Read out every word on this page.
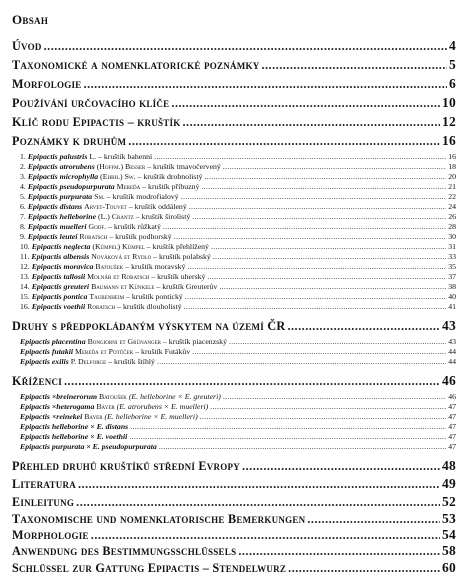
Obsah
Úvod .....	4
Taxonomické a nomenklatorické poznámky .....	5
Morfologie .....	6
Používání určovacího klíče .....	10
Klíč rodu Epipactis – kruštík .....	12
Poznámky k druhům .....	16
1. Epipactis palustris L. – kruštík bahenní .....	16
2. Epipactis atrorubens (Hoffm.) Besser – kruštík tmavočervený .....	18
3. Epipactis microphylla (Ehrh.) Sw. – kruštík drobnolistý .....	20
4. Epipactis pseudopurpurata Mereďa – kruštík příbuzný .....	21
5. Epipactis purpurata Sm. – kruštík modrofialový .....	22
6. Epipactis distans Arvet-Touvet – kruštík oddálený .....	24
7. Epipactis helleborine (L.) Crantz – kruštík širolistý .....	26
8. Epipactis muelleri Godf. – kruštík růžkatý .....	28
9. Epipactis leutei Robatsch – kruštík podhorský .....	30
10. Epipactis neglecta (Kümpel) Kümpel – kruštík přehlížený .....	31
11. Epipactis albensis Nováková et Rydlo – kruštík polabský .....	33
12. Epipactis moravica Batoušek – kruštík moravský .....	35
13. Epipactis tallosii Molnár et Robatsch – kruštík uherský .....	37
14. Epipactis greuteri Baumann et Künkele – kruštík Greuterův .....	38
15. Epipactis pontica Taubenheim – kruštík pontický .....	40
16. Epipactis voethii Robatsch – kruštík dlouholistý .....	41
Druhy s předpokládaným výskytem na území ČR .....	43
Epipactis placentina Bongiorni et Grünanger – kruštík piacenzský .....	43
Epipactis futakii Mereďa et Potůček – kruštík Futákův .....	44
Epipactis exilis P. Delforge – kruštík štíhlý .....	44
Kříženci .....	46
Epipactis ×breinerorum Batoušek (E. helleborine × E. greuteri) .....	46
Epipactis ×heterogama Bayer (E. atrorubens × E. muelleri) .....	47
Epipactis ×reinekei Bayer (E. helleborine × E. muelleri) .....	47
Epipactis helleborine × E. distans .....	47
Epipactis helleborine × E. voethii .....	47
Epipactis purpurata × E. pseudopurpurata .....	47
Přehled druhů kruštíků střední Evropy .....	48
Literatura .....	49
Einleitung .....	52
Taxonomische und nomenklatorische Bemerkungen .....	53
Morphologie .....	54
Anwendung des Bestimmungsschlüssels .....	58
Schlüssel zur Gattung Epipactis – Stendelwurz .....	60
